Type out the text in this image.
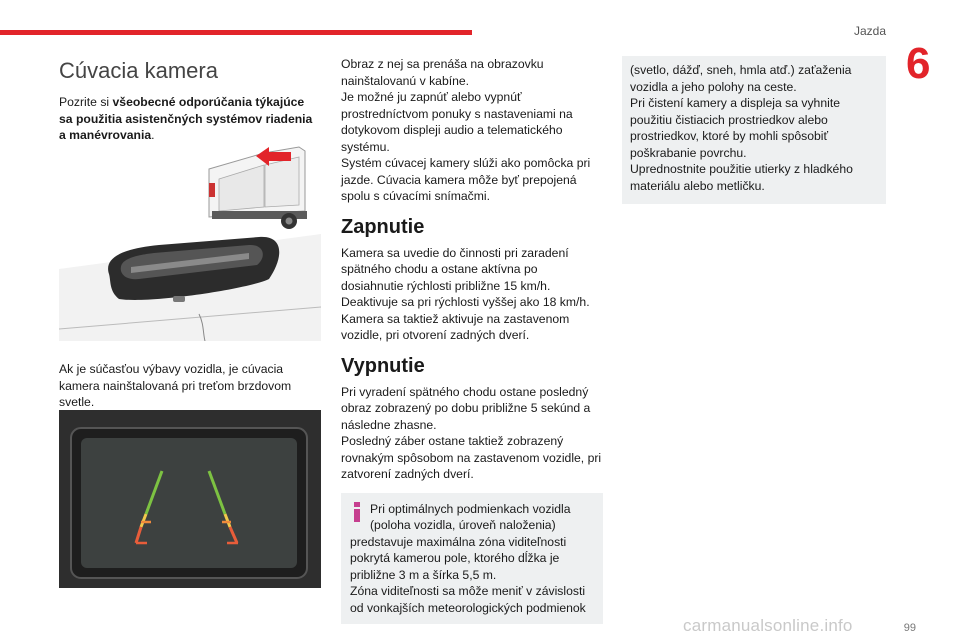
Jazda
6
Cúvacia kamera

Pozrite si všeobecné odporúčania týkajúce sa použitia asistenčných systémov riadenia a manévrovania.

Ak je súčasťou výbavy vozidla, je cúvacia kamera nainštalovaná pri treťom brzdovom svetle.

Obraz z nej sa prenáša na obrazovku nainštalovanú v kabíne.

Je možné ju zapnúť alebo vypnúť prostredníctvom ponuky s nastaveniami na dotykovom displeji audio a telematického systému.

Systém cúvacej kamery slúži ako pomôcka pri jazde. Cúvacia kamera môže byť prepojená spolu s cúvacími snímačmi.

Zapnutie

Kamera sa uvedie do činnosti pri zaradení spätného chodu a ostane aktívna po dosiahnutie rýchlosti približne 15 km/h. Deaktivuje sa pri rýchlosti vyššej ako 18 km/h.

Kamera sa taktiež aktivuje na zastavenom vozidle, pri otvorení zadných dverí.

Vypnutie

Pri vyradení spätného chodu ostane posledný obraz zobrazený po dobu približne 5 sekúnd a následne zhasne.

Posledný záber ostane taktiež zobrazený rovnakým spôsobom na zastavenom vozidle, pri zatvorení zadných dverí.

Pri optimálnych podmienkach vozidla (poloha vozidla, úroveň naloženia) predstavuje maximálna zóna viditeľnosti pokrytá kamerou pole, ktorého dĺžka je približne 3 m a šírka 5,5 m.

Zóna viditeľnosti sa môže meniť v závislosti od vonkajších meteorologických podmienok

(svetlo, dážď, sneh, hmla atď.) zaťaženia vozidla a jeho polohy na ceste.

Pri čistení kamery a displeja sa vyhnite použitiu čistiacich prostriedkov alebo prostriedkov, ktoré by mohli spôsobiť poškrabanie povrchu.

Uprednostnite použitie utierky z hladkého materiálu alebo metličku.

carmanualsonline.info	99
